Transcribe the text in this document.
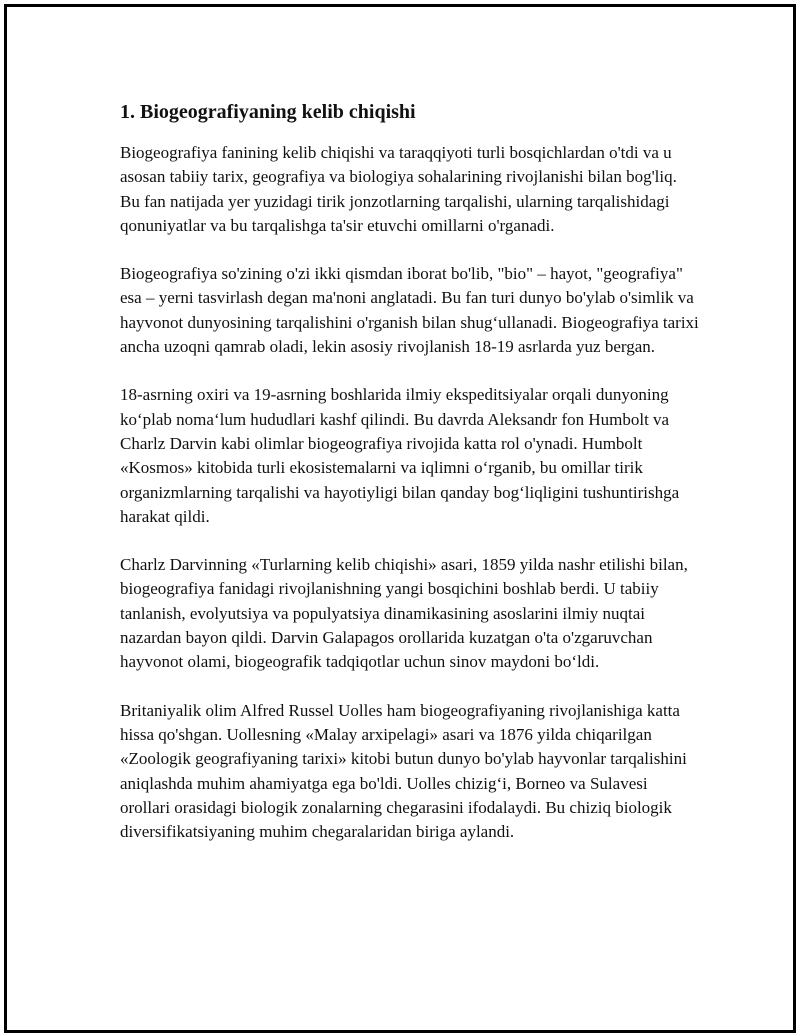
1. Biogeografiyaning kelib chiqishi

Biogeografiya fanining kelib chiqishi va taraqqiyoti turli bosqichlardan o'tdi va u asosan tabiiy tarix, geografiya va biologiya sohalarining rivojlanishi bilan bog'liq. Bu fan natijada yer yuzidagi tirik jonzotlarning tarqalishi, ularning tarqalishidagi qonuniyatlar va bu tarqalishga ta'sir etuvchi omillarni o'rganadi.

Biogeografiya so'zining o'zi ikki qismdan iborat bo'lib, "bio" – hayot, "geografiya" esa – yerni tasvirlash degan ma'noni anglatadi. Bu fan turi dunyo bo'ylab o'simlik va hayvonot dunyosining tarqalishini o'rganish bilan shug‘ullanadi. Biogeografiya tarixi ancha uzoqni qamrab oladi, lekin asosiy rivojlanish 18-19 asrlarda yuz bergan.

18-asrning oxiri va 19-asrning boshlarida ilmiy ekspeditsiyalar orqali dunyoning ko‘plab noma‘lum hududlari kashf qilindi. Bu davrda Aleksandr fon Humbolt va Charlz Darvin kabi olimlar biogeografiya rivojida katta rol o'ynadi. Humbolt «Kosmos» kitobida turli ekosistemalarni va iqlimni o‘rganib, bu omillar tirik organizmlarning tarqalishi va hayotiyligi bilan qanday bog‘liqligini tushuntirishga harakat qildi.

Charlz Darvinning «Turlarning kelib chiqishi» asari, 1859 yilda nashr etilishi bilan, biogeografiya fanidagi rivojlanishning yangi bosqichini boshlab berdi. U tabiiy tanlanish, evolyutsiya va populyatsiya dinamikasining asoslarini ilmiy nuqtai nazardan bayon qildi. Darvin Galapagos orollarida kuzatgan o'ta o'zgaruvchan hayvonot olami, biogeografik tadqiqotlar uchun sinov maydoni bo‘ldi.

Britaniyalik olim Alfred Russel Uolles ham biogeografiyaning rivojlanishiga katta hissa qo'shgan. Uollesning «Malay arxipelagi» asari va 1876 yilda chiqarilgan «Zoologik geografiyaning tarixi» kitobi butun dunyo bo'ylab hayvonlar tarqalishini aniqlashda muhim ahamiyatga ega bo'ldi. Uolles chizig‘i, Borneo va Sulavesi orollari orasidagi biologik zonalarning chegarasini ifodalaydi. Bu chiziq biologik diversifikatsiyaning muhim chegaralaridan biriga aylandi.
